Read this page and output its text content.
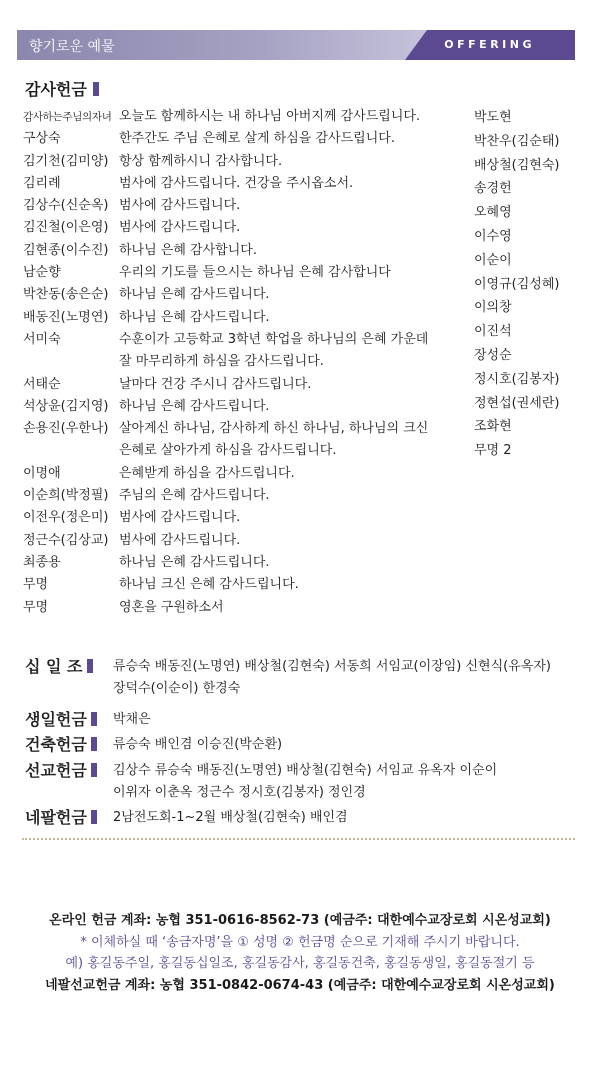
향기로운 예물	OFFERING
감사헌금
감사하는주님의자녀 오늘도 함께하시는 내 하나님 아버지께 감사드립니다.
구상숙	한주간도 주님 은혜로 살게 하심을 감사드립니다.
김기천(김미양) 항상 함께하시니 감사합니다.
김리례	범사에 감사드립니다. 건강을 주시옵소서.
김상수(신순옥) 범사에 감사드립니다.
김진철(이은영) 범사에 감사드립니다.
김현종(이수진) 하나님 은혜 감사합니다.
남순향	우리의 기도를 들으시는 하나님 은혜 감사합니다
박찬동(송은순) 하나님 은혜 감사드립니다.
배동진(노명연) 하나님 은혜 감사드립니다.
서미숙	수훈이가 고등학교 3학년 학업을 하나님의 은혜 가운데
잘 마무리하게 하심을 감사드립니다.
서태순	날마다 건강 주시니 감사드립니다.
석상윤(김지영) 하나님 은혜 감사드립니다.
손용진(우한나) 살아계신 하나님, 감사하게 하신 하나님, 하나님의 크신
은혜로 살아가게 하심을 감사드립니다.
이명애	은혜받게 하심을 감사드립니다.
이순희(박정필) 주님의 은혜 감사드립니다.
이전우(정은미) 범사에 감사드립니다.
정근수(김상교) 범사에 감사드립니다.
최종용	하나님 은혜 감사드립니다.
무명	하나님 크신 은혜 감사드립니다.
무명	영혼을 구원하소서
박도현
박찬우(김순태)
배상철(김현숙)
송경헌
오혜영
이수영
이순이
이영규(김성혜)
이의창
이진석
장성순
정시호(김봉자)
정현섭(권세란)
조화현
무명 2
십 일 조	류승숙 배동진(노명연) 배상철(김현숙) 서동희 서임교(이장임) 신현식(유옥자)
장덕수(이순이) 한경숙
생일헌금	박채은
건축헌금	류승숙 배인겸 이승진(박순환)
선교헌금	김상수 류승숙 배동진(노명연) 배상철(김현숙) 서임교 유옥자 이순이
이위자 이춘옥 정근수 정시호(김봉자) 정인경
네팔헌금	2남전도회-1~2월 배상철(김현숙) 배인겸
온라인 헌금 계좌: 농협 351-0616-8562-73 (예금주: 대한예수교장로회 시온성교회)
* 이체하실 때 ‘송금자명’을 ① 성명 ② 헌금명 순으로 기재해 주시기 바랍니다.
예) 홍길동주일, 홍길동십일조, 홍길동감사, 홍길동건축, 홍길동생일, 홍길동절기 등
네팔선교헌금 계좌: 농협 351-0842-0674-43 (예금주: 대한예수교장로회 시온성교회)
